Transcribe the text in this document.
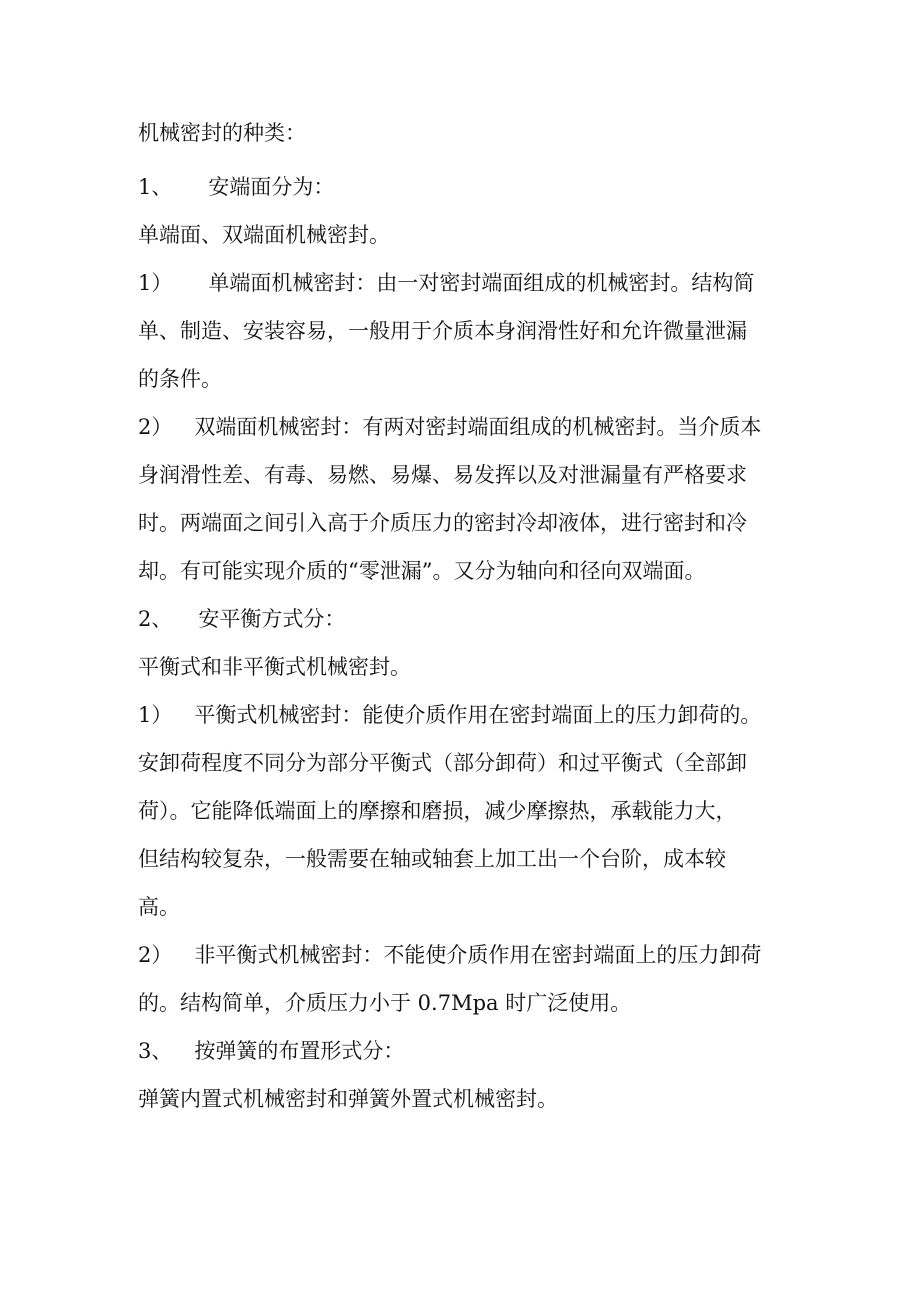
机械密封的种类：
1、 安端面分为：
单端面、双端面机械密封。
1） 单端面机械密封：由一对密封端面组成的机械密封。结构简
单、制造、安装容易，一般用于介质本身润滑性好和允许微量泄漏
的条件。
2） 双端面机械密封：有两对密封端面组成的机械密封。当介质本
身润滑性差、有毒、易燃、易爆、易发挥以及对泄漏量有严格要求
时。两端面之间引入高于介质压力的密封冷却液体，进行密封和冷
却。有可能实现介质的“零泄漏”。又分为轴向和径向双端面。
2、 安平衡方式分：
平衡式和非平衡式机械密封。
1） 平衡式机械密封：能使介质作用在密封端面上的压力卸荷的。
安卸荷程度不同分为部分平衡式（部分卸荷）和过平衡式（全部卸
荷）。它能降低端面上的摩擦和磨损，减少摩擦热，承载能力大，
但结构较复杂，一般需要在轴或轴套上加工出一个台阶，成本较
高。
2） 非平衡式机械密封：不能使介质作用在密封端面上的压力卸荷
的。结构简单，介质压力小于 0.7Mpa 时广泛使用。
3、 按弹簧的布置形式分：
弹簧内置式机械密封和弹簧外置式机械密封。
